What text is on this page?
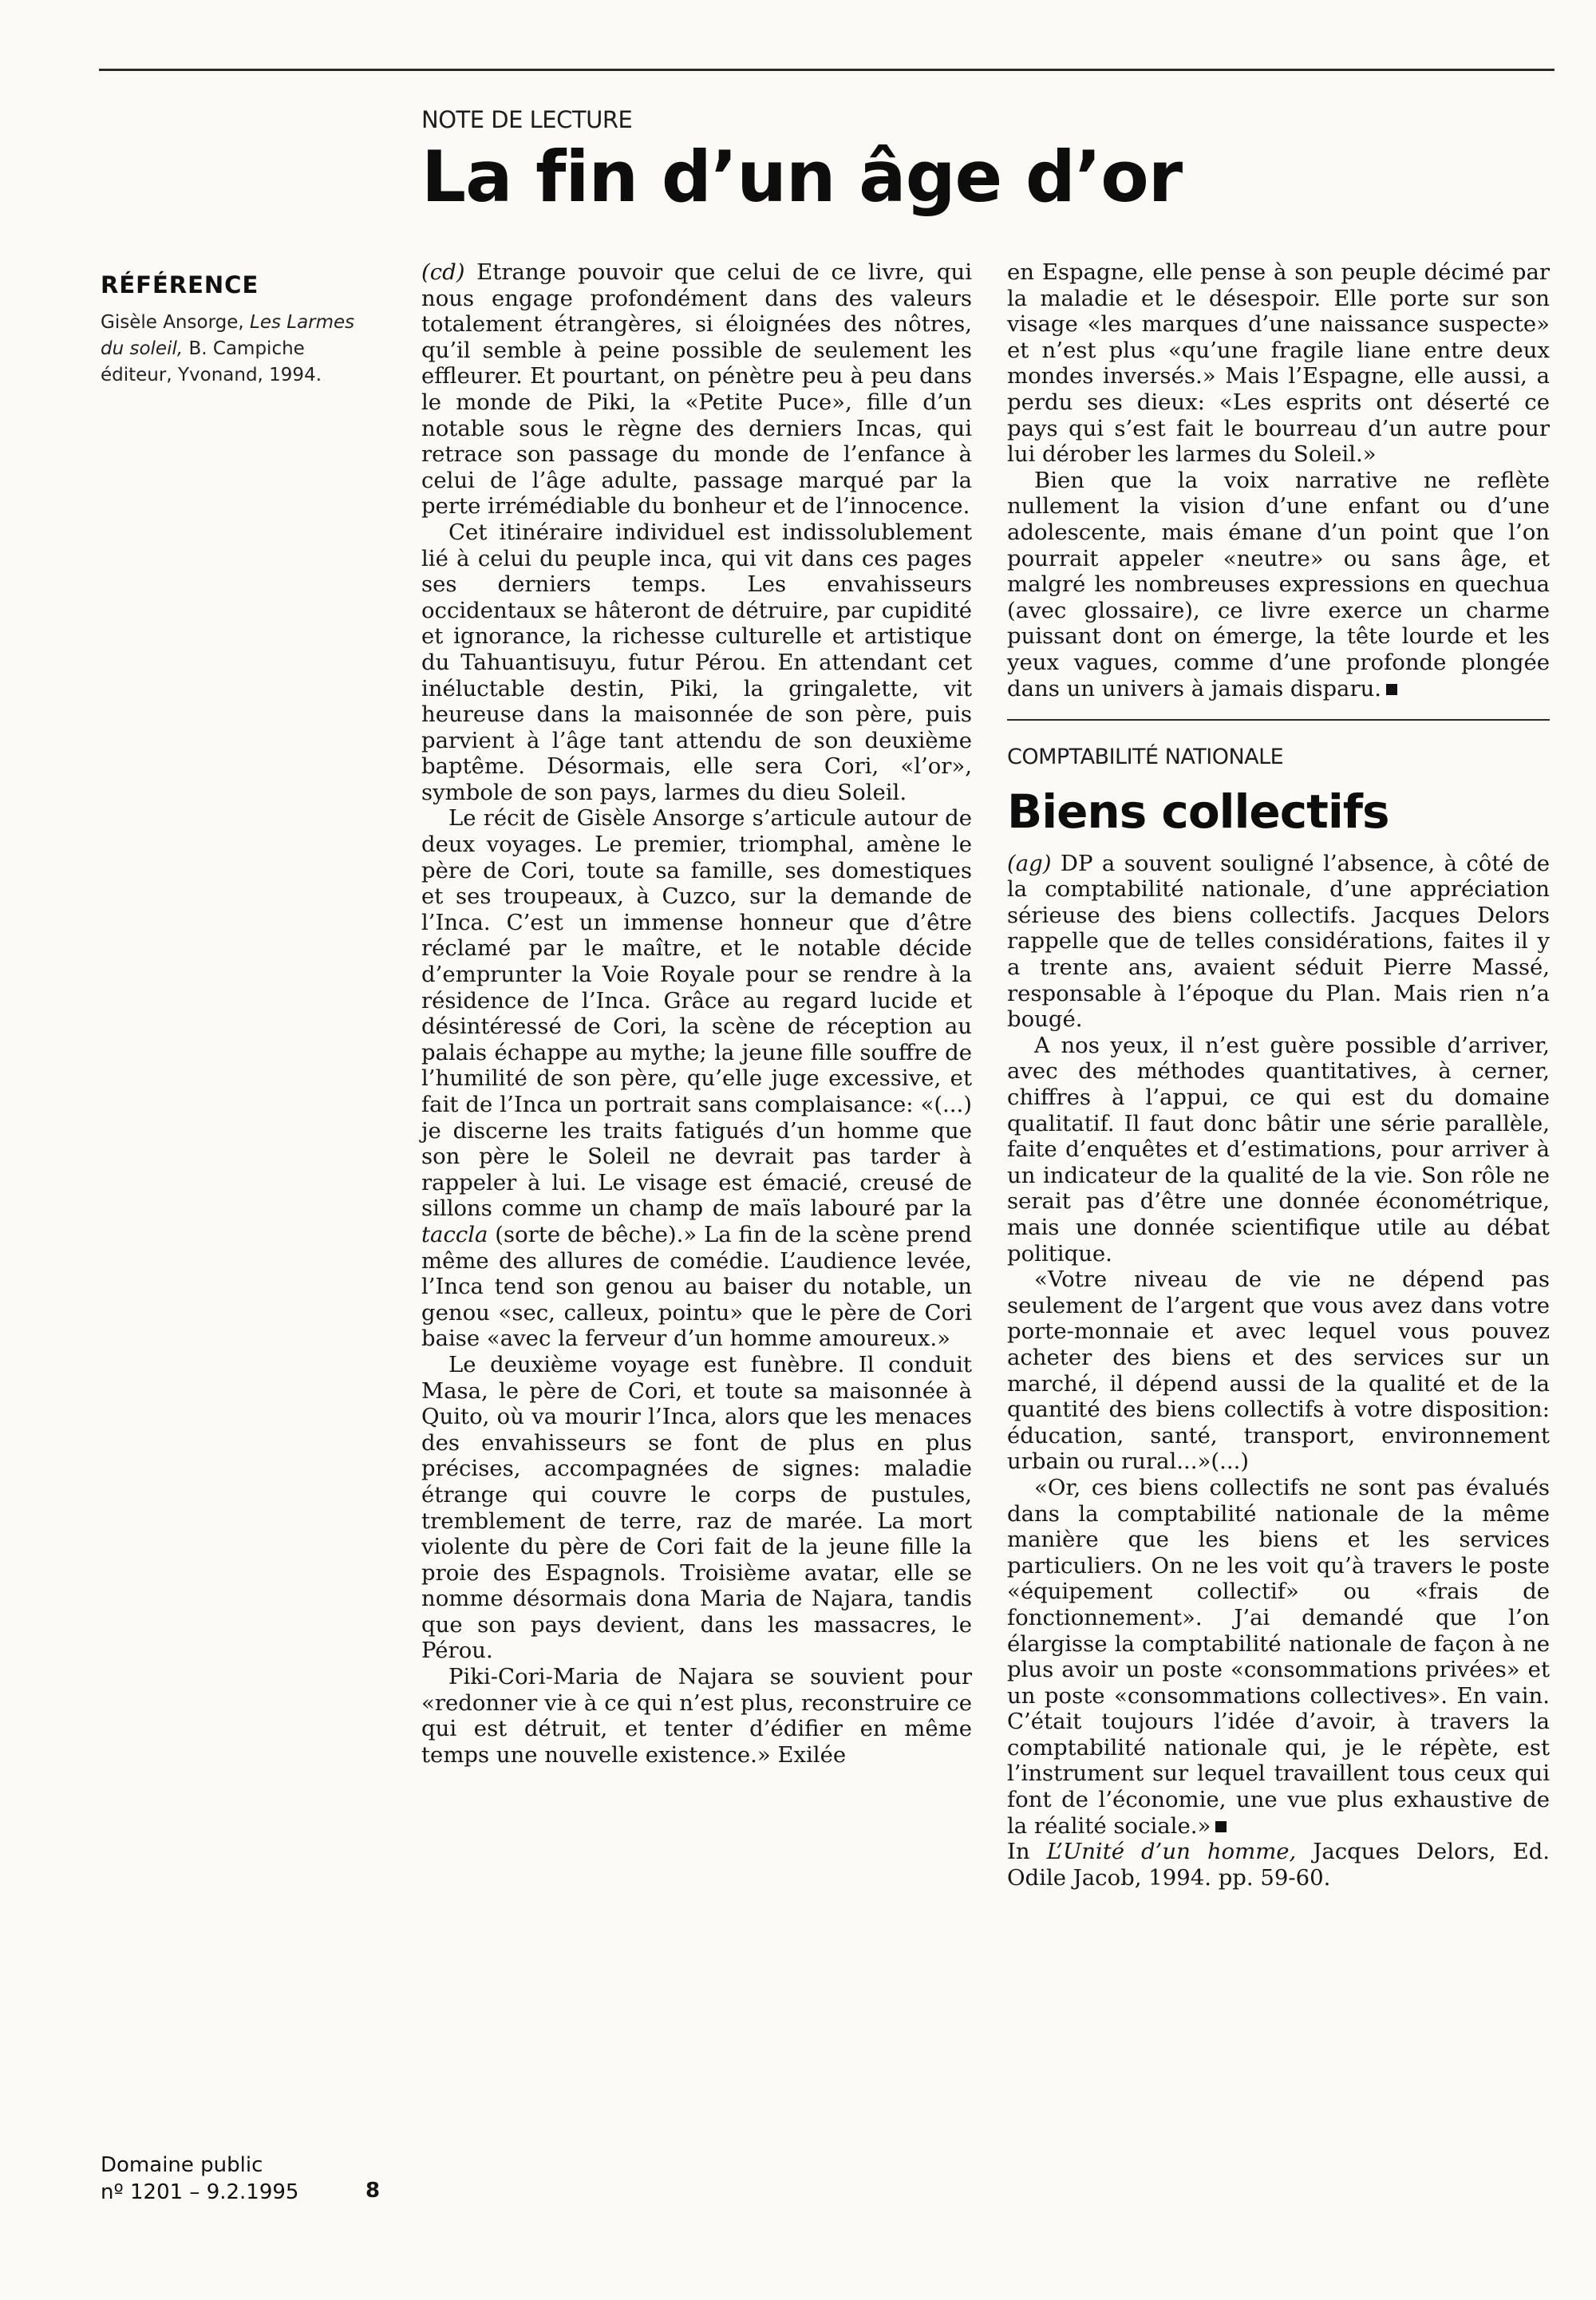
NOTE DE LECTURE
La fin d’un âge d’or
RÉFÉRENCE
Gisèle Ansorge, Les Larmes du soleil, B. Campiche éditeur, Yvonand, 1994.

(cd) Etrange pouvoir que celui de ce livre, qui nous engage profondément dans des valeurs totalement étrangères, si éloignées des nôtres, qu’il semble à peine possible de seulement les effleurer. Et pourtant, on pénètre peu à peu dans le monde de Piki, la «Petite Puce», fille d’un notable sous le règne des derniers Incas, qui retrace son passage du monde de l’enfance à celui de l’âge adulte, passage marqué par la perte irrémédiable du bonheur et de l’innocence.

Cet itinéraire individuel est indissolublement lié à celui du peuple inca, qui vit dans ces pages ses derniers temps. Les envahisseurs occidentaux se hâteront de détruire, par cupidité et ignorance, la richesse culturelle et artistique du Tahuantisuyu, futur Pérou. En attendant cet inéluctable destin, Piki, la gringalette, vit heureuse dans la maisonnée de son père, puis parvient à l’âge tant attendu de son deuxième baptême. Désormais, elle sera Cori, «l’or», symbole de son pays, larmes du dieu Soleil.

Le récit de Gisèle Ansorge s’articule autour de deux voyages. Le premier, triomphal, amène le père de Cori, toute sa famille, ses domestiques et ses troupeaux, à Cuzco, sur la demande de l’Inca. C’est un immense honneur que d’être réclamé par le maître, et le notable décide d’emprunter la Voie Royale pour se rendre à la résidence de l’Inca. Grâce au regard lucide et désintéressé de Cori, la scène de réception au palais échappe au mythe; la jeune fille souffre de l’humilité de son père, qu’elle juge excessive, et fait de l’Inca un portrait sans complaisance: «(...) je discerne les traits fatigués d’un homme que son père le Soleil ne devrait pas tarder à rappeler à lui. Le visage est émacié, creusé de sillons comme un champ de maïs labouré par la taccla (sorte de bêche).» La fin de la scène prend même des allures de comédie. L’audience levée, l’Inca tend son genou au baiser du notable, un genou «sec, calleux, pointu» que le père de Cori baise «avec la ferveur d’un homme amoureux.»

Le deuxième voyage est funèbre. Il conduit Masa, le père de Cori, et toute sa maisonnée à Quito, où va mourir l’Inca, alors que les menaces des envahisseurs se font de plus en plus précises, accompagnées de signes: maladie étrange qui couvre le corps de pustules, tremblement de terre, raz de marée. La mort violente du père de Cori fait de la jeune fille la proie des Espagnols. Troisième avatar, elle se nomme désormais dona Maria de Najara, tandis que son pays devient, dans les massacres, le Pérou.

Piki-Cori-Maria de Najara se souvient pour «redonner vie à ce qui n’est plus, reconstruire ce qui est détruit, et tenter d’édifier en même temps une nouvelle existence.» Exilée

en Espagne, elle pense à son peuple décimé par la maladie et le désespoir. Elle porte sur son visage «les marques d’une naissance suspecte» et n’est plus «qu’une fragile liane entre deux mondes inversés.» Mais l’Espagne, elle aussi, a perdu ses dieux: «Les esprits ont déserté ce pays qui s’est fait le bourreau d’un autre pour lui dérober les larmes du Soleil.»

Bien que la voix narrative ne reflète nullement la vision d’une enfant ou d’une adolescente, mais émane d’un point que l’on pourrait appeler «neutre» ou sans âge, et malgré les nombreuses expressions en quechua (avec glossaire), ce livre exerce un charme puissant dont on émerge, la tête lourde et les yeux vagues, comme d’une profonde plongée dans un univers à jamais disparu.

COMPTABILITÉ NATIONALE
Biens collectifs

(ag) DP a souvent souligné l’absence, à côté de la comptabilité nationale, d’une appréciation sérieuse des biens collectifs. Jacques Delors rappelle que de telles considérations, faites il y a trente ans, avaient séduit Pierre Massé, responsable à l’époque du Plan. Mais rien n’a bougé.

A nos yeux, il n’est guère possible d’arriver, avec des méthodes quantitatives, à cerner, chiffres à l’appui, ce qui est du domaine qualitatif. Il faut donc bâtir une série parallèle, faite d’enquêtes et d’estimations, pour arriver à un indicateur de la qualité de la vie. Son rôle ne serait pas d’être une donnée économétrique, mais une donnée scientifique utile au débat politique.

«Votre niveau de vie ne dépend pas seulement de l’argent que vous avez dans votre porte-monnaie et avec lequel vous pouvez acheter des biens et des services sur un marché, il dépend aussi de la qualité et de la quantité des biens collectifs à votre disposition: éducation, santé, transport, environnement urbain ou rural...»(...)

«Or, ces biens collectifs ne sont pas évalués dans la comptabilité nationale de la même manière que les biens et les services particuliers. On ne les voit qu’à travers le poste «équipement collectif» ou «frais de fonctionnement». J’ai demandé que l’on élargisse la comptabilité nationale de façon à ne plus avoir un poste «consommations privées» et un poste «consommations collectives». En vain. C’était toujours l’idée d’avoir, à travers la comptabilité nationale qui, je le répète, est l’instrument sur lequel travaillent tous ceux qui font de l’économie, une vue plus exhaustive de la réalité sociale.»

In L’Unité d’un homme, Jacques Delors, Ed. Odile Jacob, 1994. pp. 59-60.

Domaine public
nº 1201 – 9.2.1995	8
